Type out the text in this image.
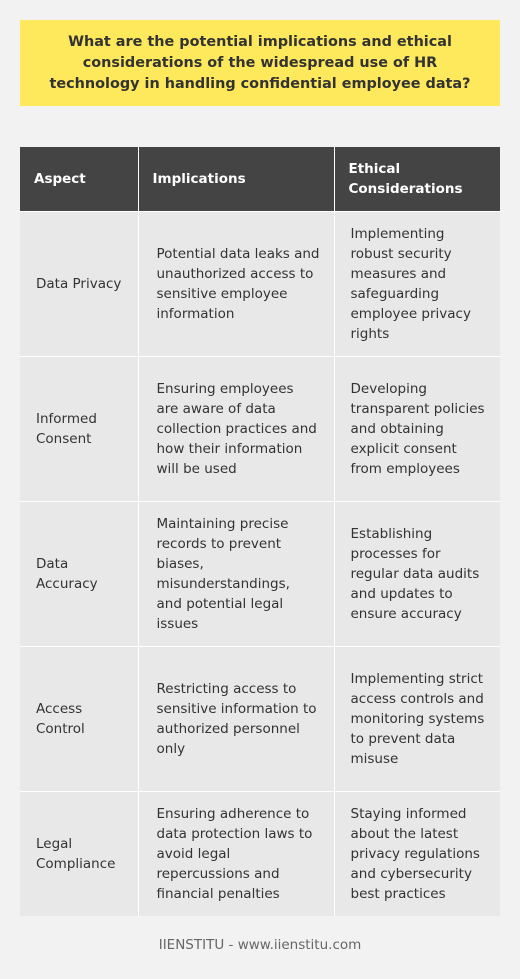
What are the potential implications and ethical considerations of the widespread use of HR technology in handling confidential employee data?
Aspect	Implications	Ethical Considerations
Data Privacy	Potential data leaks and unauthorized access to sensitive employee information	Implementing robust security measures and safeguarding employee privacy rights
Informed Consent	Ensuring employees are aware of data collection practices and how their information will be used	Developing transparent policies and obtaining explicit consent from employees
Data Accuracy	Maintaining precise records to prevent biases, misunderstandings, and potential legal issues	Establishing processes for regular data audits and updates to ensure accuracy
Access Control	Restricting access to sensitive information to authorized personnel only	Implementing strict access controls and monitoring systems to prevent data misuse
Legal Compliance	Ensuring adherence to data protection laws to avoid legal repercussions and financial penalties	Staying informed about the latest privacy regulations and cybersecurity best practices
IIENSTITU - www.iienstitu.com
